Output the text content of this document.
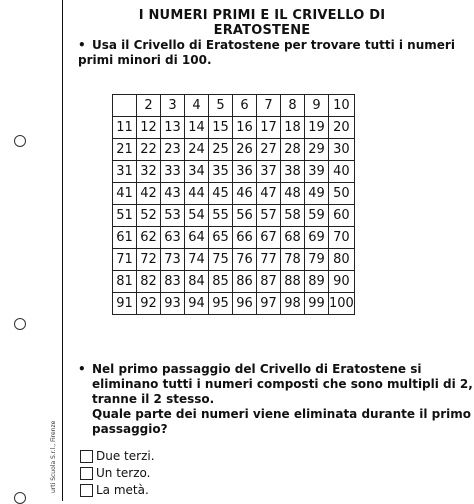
I NUMERI PRIMI E IL CRIVELLO DI ERATOSTENE
• Usa il Crivello di Eratostene per trovare tutti i numeri
primi minori di 100.
	2	3	4	5	6	7	8	9	10
11	12	13	14	15	16	17	18	19	20
21	22	23	24	25	26	27	28	29	30
31	32	33	34	35	36	37	38	39	40
41	42	43	44	45	46	47	48	49	50
51	52	53	54	55	56	57	58	59	60
61	62	63	64	65	66	67	68	69	70
71	72	73	74	75	76	77	78	79	80
81	82	83	84	85	86	87	88	89	90
91	92	93	94	95	96	97	98	99	100
• Nel primo passaggio del Crivello di Eratostene si
eliminano tutti i numeri composti che sono multipli di 2,
tranne il 2 stesso.
Quale parte dei numeri viene eliminata durante il primo
passaggio?
Due terzi.
Un terzo.
La metà.
urti Scuola S.r.l., Firenze
